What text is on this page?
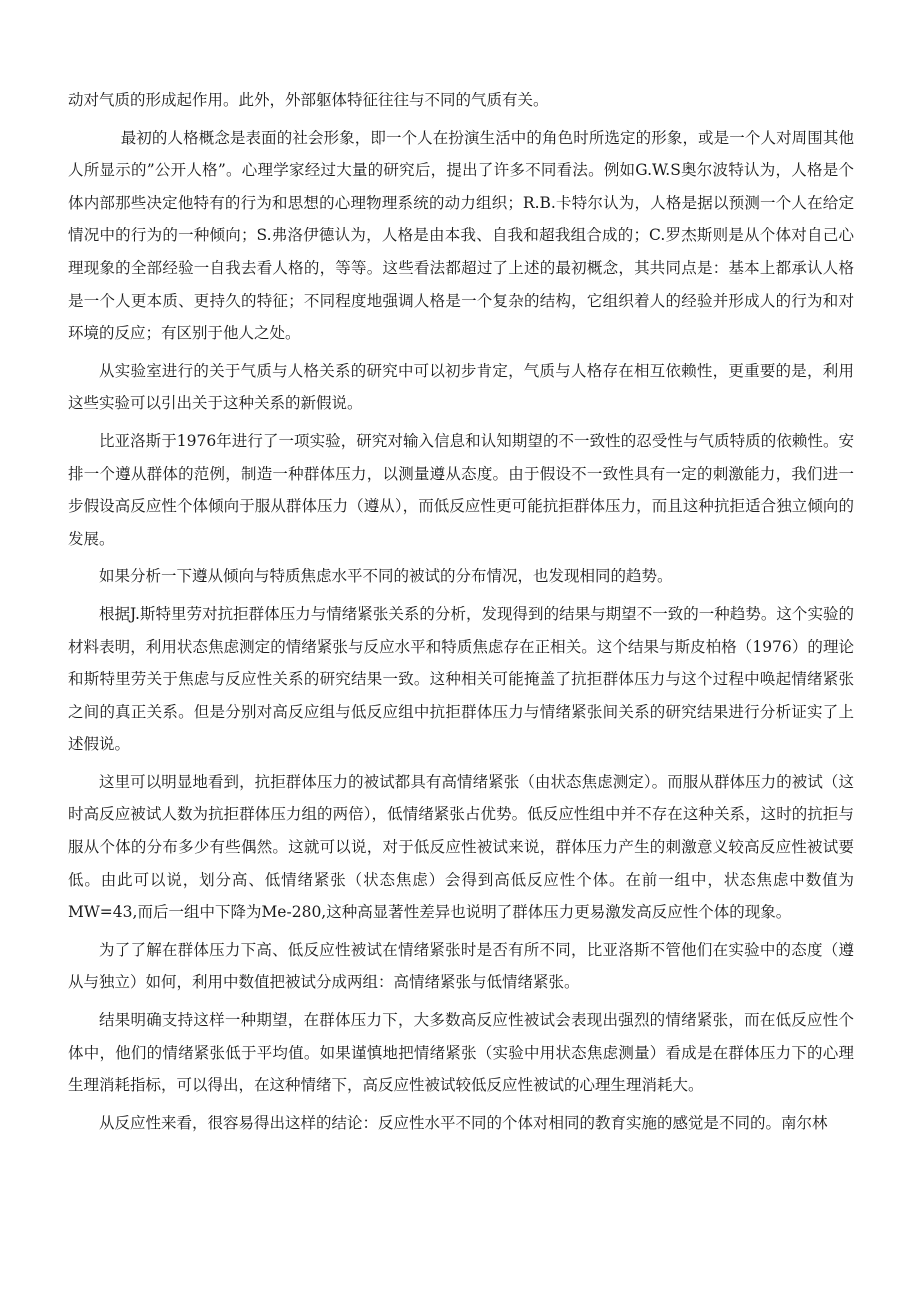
动对气质的形成起作用。此外，外部躯体特征往往与不同的气质有关。

最初的人格概念是表面的社会形象，即一个人在扮演生活中的角色时所选定的形象，或是一个人对周围其他人所显示的”公开人格”。心理学家经过大量的研究后，提出了许多不同看法。例如G.W.S奥尔波特认为，人格是个体内部那些决定他特有的行为和思想的心理物理系统的动力组织；R.B.卡特尔认为，人格是据以预测一个人在给定情况中的行为的一种倾向；S.弗洛伊德认为，人格是由本我、自我和超我组合成的；C.罗杰斯则是从个体对自己心理现象的全部经验一自我去看人格的，等等。这些看法都超过了上述的最初概念，其共同点是：基本上都承认人格是一个人更本质、更持久的特征；不同程度地强调人格是一个复杂的结构，它组织着人的经验并形成人的行为和对环境的反应；有区别于他人之处。

从实验室进行的关于气质与人格关系的研究中可以初步肯定，气质与人格存在相互依赖性，更重要的是，利用这些实验可以引出关于这种关系的新假说。

比亚洛斯于1976年进行了一项实验，研究对输入信息和认知期望的不一致性的忍受性与气质特质的依赖性。安排一个遵从群体的范例，制造一种群体压力，以测量遵从态度。由于假设不一致性具有一定的刺激能力，我们进一步假设高反应性个体倾向于服从群体压力（遵从），而低反应性更可能抗拒群体压力，而且这种抗拒适合独立倾向的发展。

如果分析一下遵从倾向与特质焦虑水平不同的被试的分布情况，也发现相同的趋势。

根据J.斯特里劳对抗拒群体压力与情绪紧张关系的分析，发现得到的结果与期望不一致的一种趋势。这个实验的材料表明，利用状态焦虑测定的情绪紧张与反应水平和特质焦虑存在正相关。这个结果与斯皮柏格（1976）的理论和斯特里劳关于焦虑与反应性关系的研究结果一致。这种相关可能掩盖了抗拒群体压力与这个过程中唤起情绪紧张之间的真正关系。但是分别对高反应组与低反应组中抗拒群体压力与情绪紧张间关系的研究结果进行分析证实了上述假说。

这里可以明显地看到，抗拒群体压力的被试都具有高情绪紧张（由状态焦虑测定）。而服从群体压力的被试（这时高反应被试人数为抗拒群体压力组的两倍），低情绪紧张占优势。低反应性组中并不存在这种关系，这时的抗拒与服从个体的分布多少有些偶然。这就可以说，对于低反应性被试来说，群体压力产生的刺激意义较高反应性被试要低。由此可以说，划分高、低情绪紧张（状态焦虑）会得到高低反应性个体。在前一组中，状态焦虑中数值为MW=43,而后一组中下降为Me-280,这种高显著性差异也说明了群体压力更易激发高反应性个体的现象。

为了了解在群体压力下高、低反应性被试在情绪紧张时是否有所不同，比亚洛斯不管他们在实验中的态度（遵从与独立）如何，利用中数值把被试分成两组：高情绪紧张与低情绪紧张。

结果明确支持这样一种期望，在群体压力下，大多数高反应性被试会表现出强烈的情绪紧张，而在低反应性个体中，他们的情绪紧张低于平均值。如果谨慎地把情绪紧张（实验中用状态焦虑测量）看成是在群体压力下的心理生理消耗指标，可以得出，在这种情绪下，高反应性被试较低反应性被试的心理生理消耗大。

从反应性来看，很容易得出这样的结论：反应性水平不同的个体对相同的教育实施的感觉是不同的。南尔林
